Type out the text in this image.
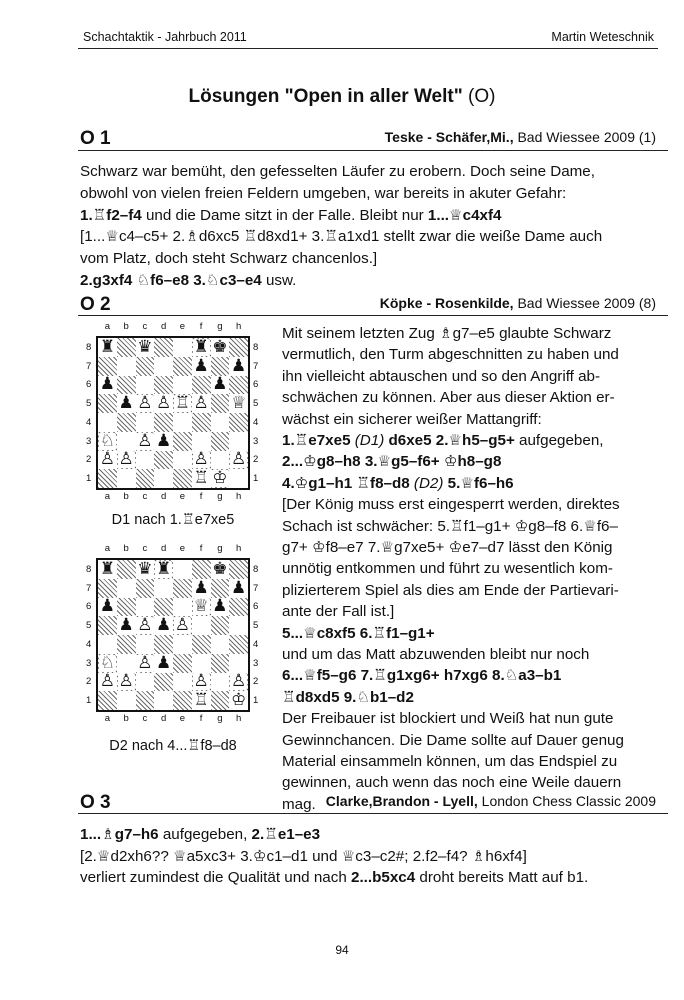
Schachtaktik - Jahrbuch 2011	Martin Weteschnik
Lösungen "Open in aller Welt" (O)
O 1	Teske - Schäfer,Mi., Bad Wiessee 2009 (1)
Schwarz war bemüht, den gefesselten Läufer zu erobern. Doch seine Dame,
obwohl von vielen freien Feldern umgeben, war bereits in akuter Gefahr:
1.♖f2–f4 und die Dame sitzt in der Falle. Bleibt nur 1...♕c4xf4
[1...♕c4–c5+ 2.♗d6xc5 ♖d8xd1+ 3.♖a1xd1 stellt zwar die weiße Dame auch
vom Platz, doch steht Schwarz chancenlos.]
2.g3xf4 ♘f6–e8 3.♘c3–e4 usw.
O 2	Köpke - Rosenkilde, Bad Wiessee 2009 (8)
Mit seinem letzten Zug ♗g7–e5 glaubte Schwarz
vermutlich, den Turm abgeschnitten zu haben und
ihn vielleicht abtauschen und so den Angriff ab-
schwächen zu können. Aber aus dieser Aktion er-
wächst ein sicherer weißer Mattangriff:
1.♖e7xe5 (D1) d6xe5 2.♕h5–g5+ aufgegeben,
2...♔g8–h8 3.♕g5–f6+ ♔h8–g8
4.♔g1–h1 ♖f8–d8 (D2) 5.♕f6–h6
[Der König muss erst eingesperrt werden, direktes
Schach ist schwächer: 5.♖f1–g1+ ♔g8–f8 6.♕f6–
g7+ ♔f8–e7 7.♕g7xe5+ ♔e7–d7 lässt den König
unnötig entkommen und führt zu wesentlich kom-
plizierterem Spiel als dies am Ende der Partievari-
ante der Fall ist.]
5...♕c8xf5 6.♖f1–g1+
und um das Matt abzuwenden bleibt nur noch
6...♕f5–g6 7.♖g1xg6+ h7xg6 8.♘a3–b1
♖d8xd5 9.♘b1–d2
Der Freibauer ist blockiert und Weiß hat nun gute
Gewinnchancen. Die Dame sollte auf Dauer genug
Material einsammeln können, um das Endspiel zu
gewinnen, auch wenn das noch eine Weile dauern
mag.
a	b	c	d	e	f	g	h
a	b	c	d	e	f	g	h
8
7
6
5
4
3
2
1
8
7
6
5
4
3
2
1
♜ ♛ ♜ ♚
♟ ♟
♟	♟
♟ ♙ ♙ ♖ ♙ ♕
♘ ♙ ♟
♙ ♙	♙ ♙
♖ ♔
D1 nach 1.♖e7xe5
a	b	c	d	e	f	g	h
a	b	c	d	e	f	g	h
8
7
6
5
4
3
2
1
8
7
6
5
4
3
2
1
♜ ♛ ♜ ♚
♟ ♟
♟	♕ ♟
♟ ♙ ♟ ♙
♘ ♙ ♟
♙ ♙	♙ ♙
♖ ♔
D2 nach 4...♖f8–d8
O 3	Clarke,Brandon - Lyell, London Chess Classic 2009
1...♗g7–h6 aufgegeben, 2.♖e1–e3
[2.♕d2xh6?? ♕a5xc3+ 3.♔c1–d1 und ♕c3–c2#; 2.f2–f4? ♗h6xf4]
verliert zumindest die Qualität und nach 2...b5xc4 droht bereits Matt auf b1.
94
